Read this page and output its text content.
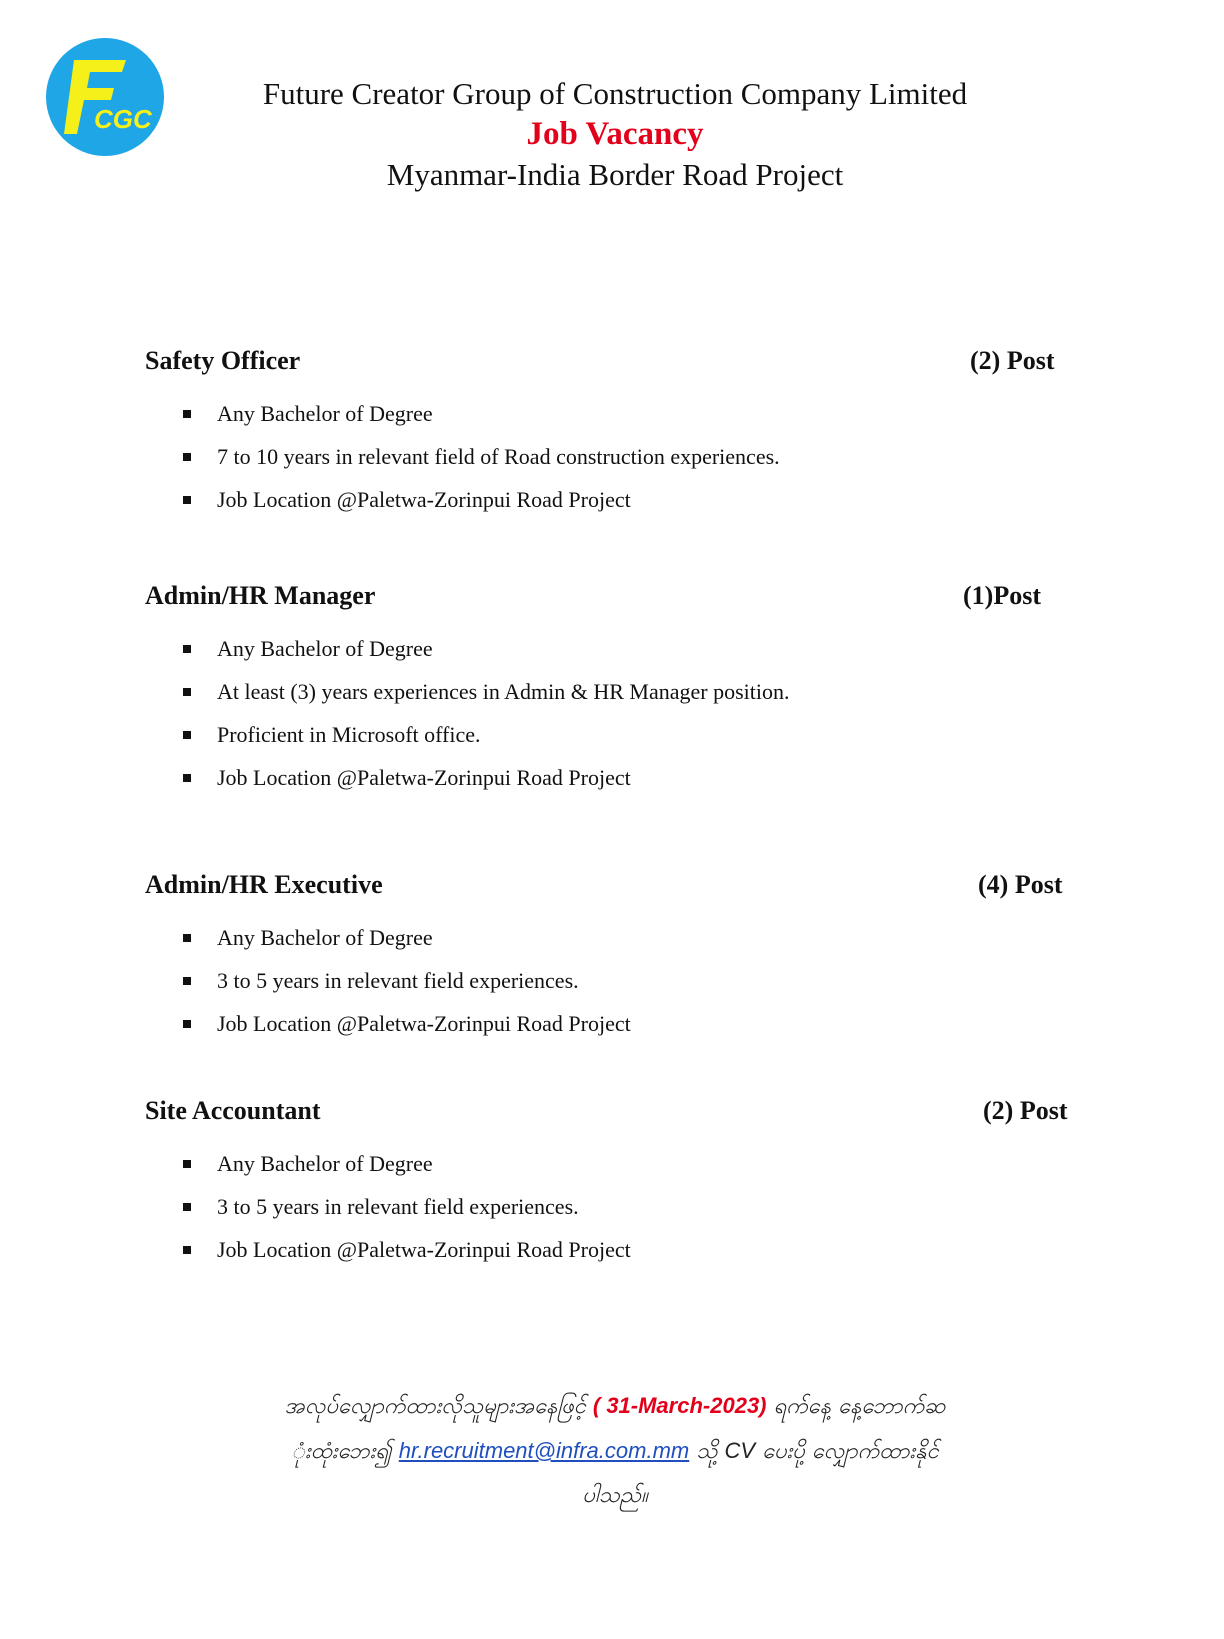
CGC
Future Creator Group of Construction Company Limited
Job Vacancy
Myanmar-India Border Road Project
Safety Officer	(2) Post
Any Bachelor of Degree
7 to 10 years in relevant field of Road construction experiences.
Job Location @Paletwa-Zorinpui Road Project
Admin/HR Manager	(1)Post
Any Bachelor of Degree
At least (3) years experiences in Admin & HR Manager position.
Proficient in Microsoft office.
Job Location @Paletwa-Zorinpui Road Project
Admin/HR Executive	(4) Post
Any Bachelor of Degree
3 to 5 years in relevant field experiences.
Job Location @Paletwa-Zorinpui Road Project
Site Accountant	(2) Post
Any Bachelor of Degree
3 to 5 years in relevant field experiences.
Job Location @Paletwa-Zorinpui Road Project
အလုပ်လျှောက်ထားလိုသူများအနေဖြင့် ( 31-March-2023) ရက်နေ့ နေ့ဘောက်ဆ
ုံးထုံးဘေး၍ hr.recruitment@infra.com.mm သို့ CV ပေးပို့ လျှောက်ထားနိုင်
ပါသည်။
